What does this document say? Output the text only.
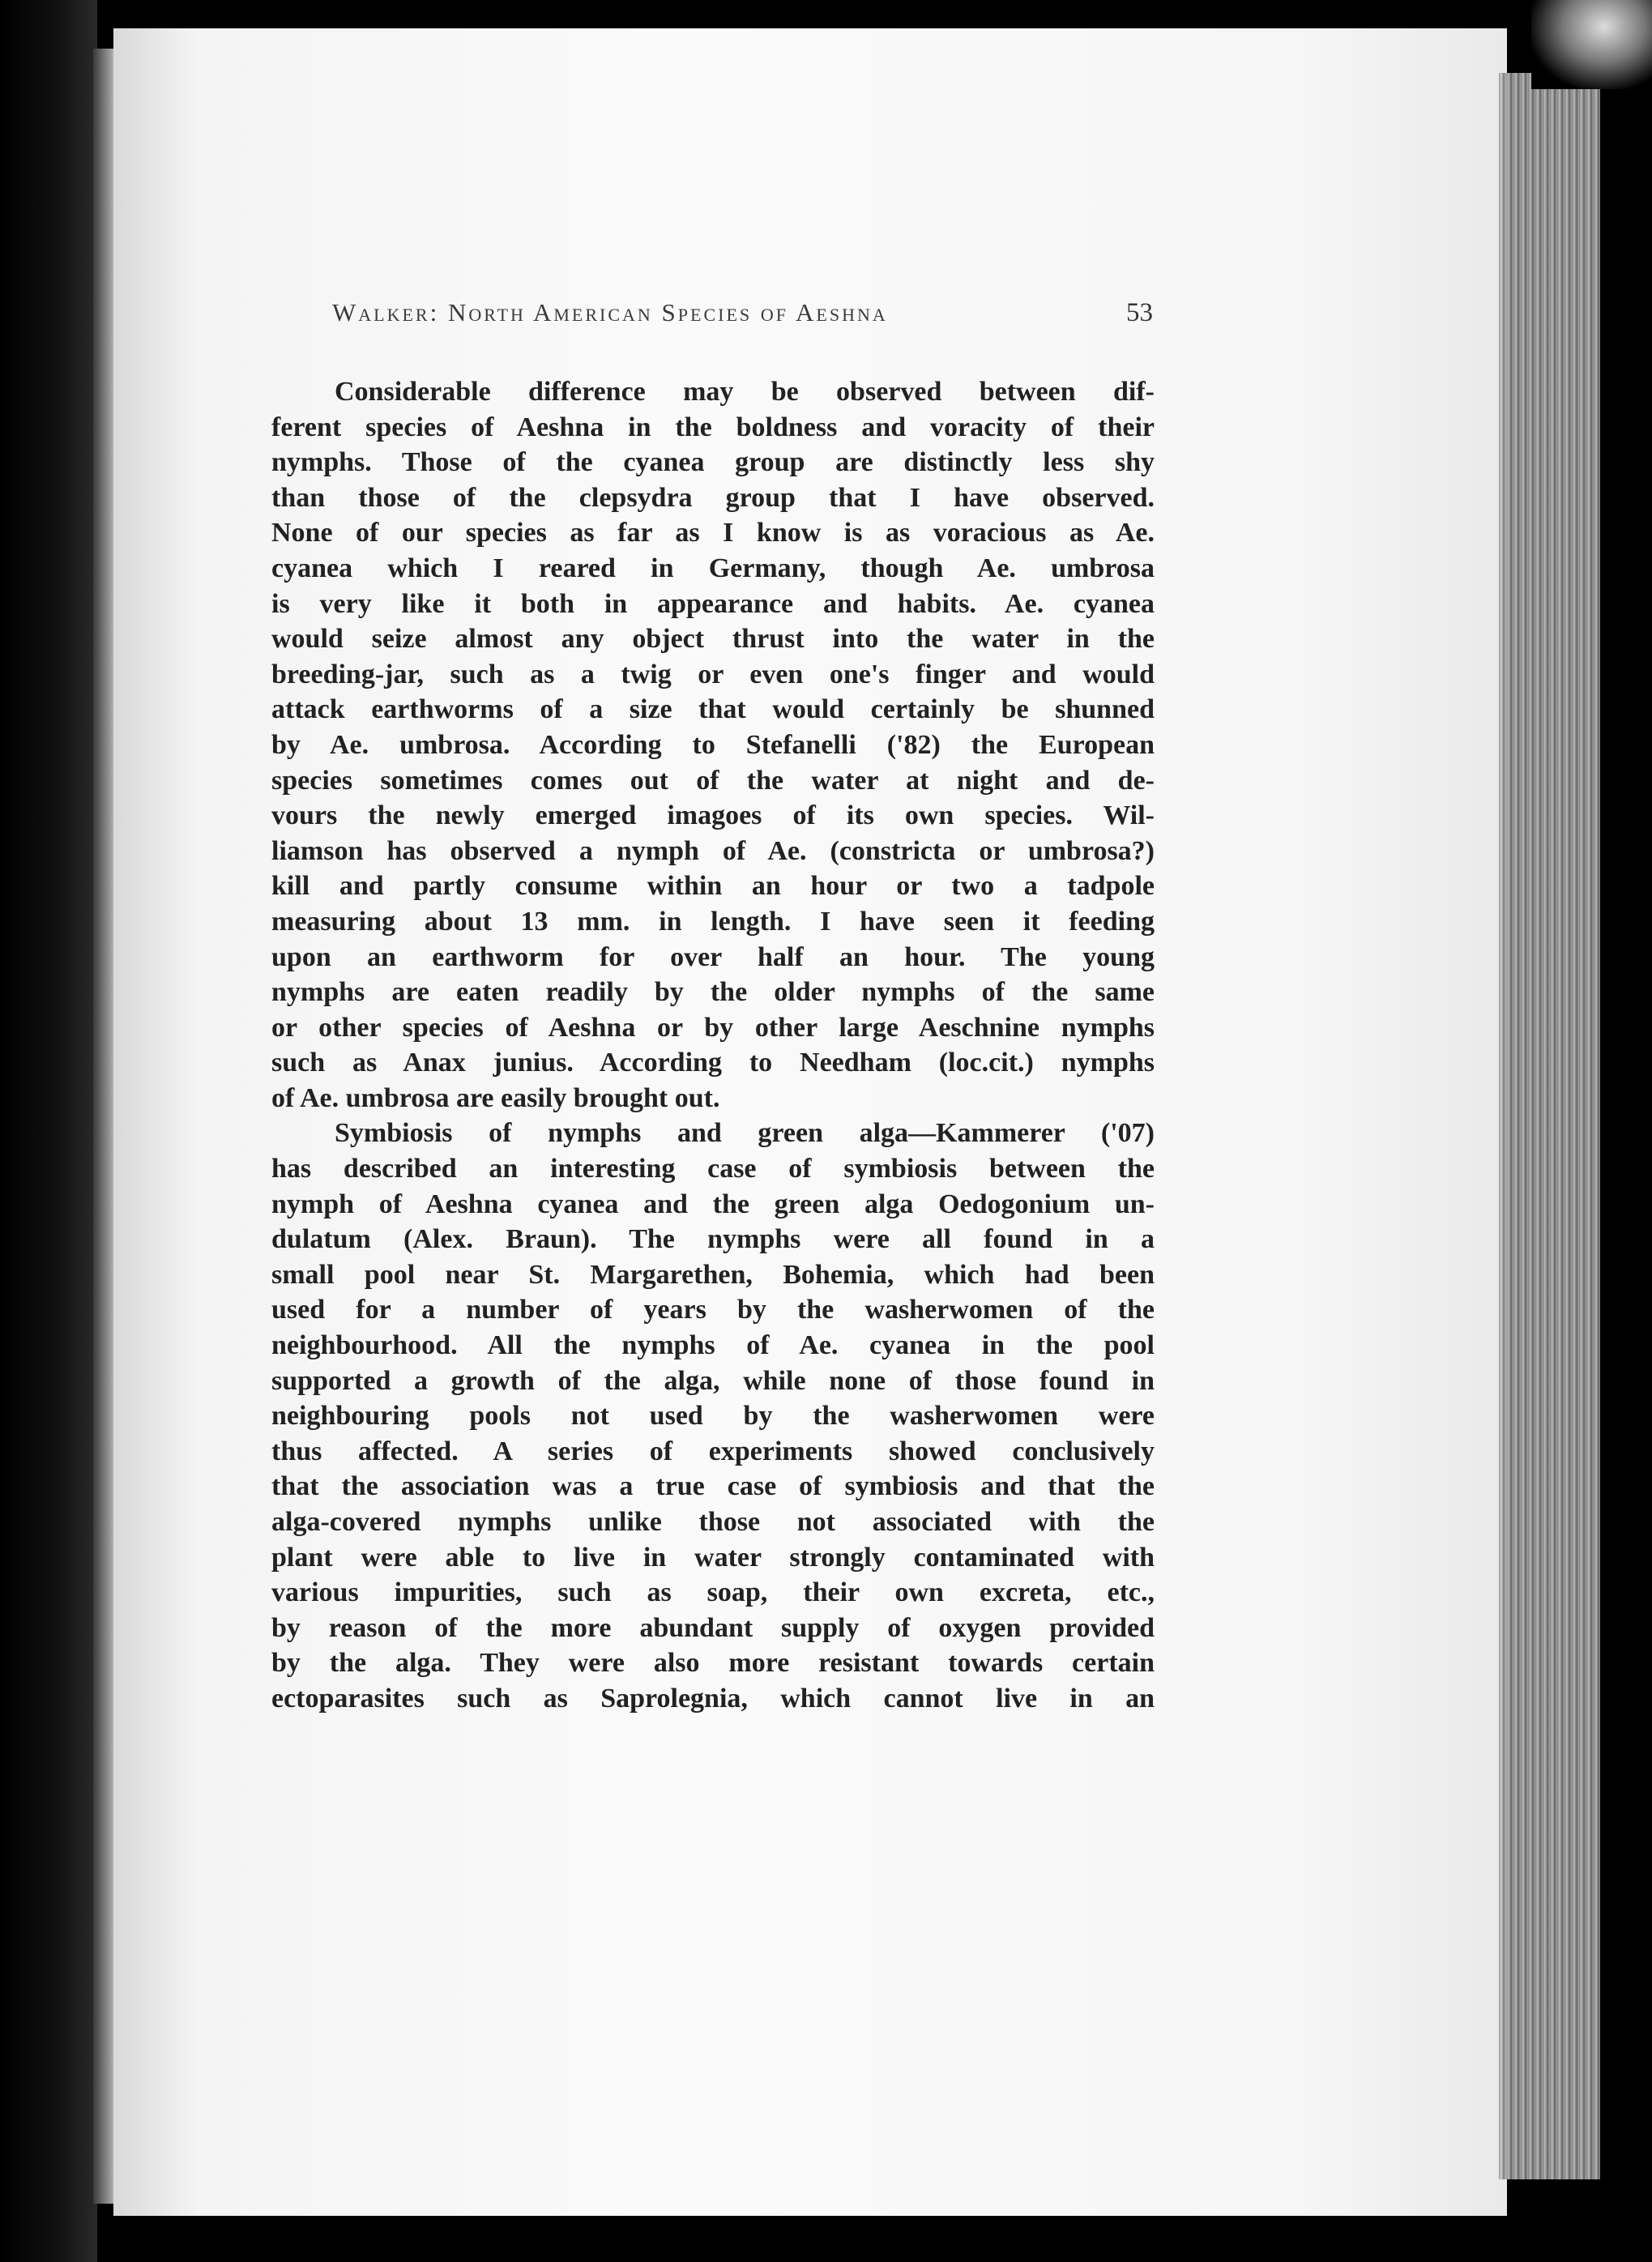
Walker: North American Species of Aeshna	53
Considerable difference may be observed between dif-
ferent species of Aeshna in the boldness and voracity of their
nymphs. Those of the cyanea group are distinctly less shy
than those of the clepsydra group that I have observed.
None of our species as far as I know is as voracious as Ae.
cyanea which I reared in Germany, though Ae. umbrosa
is very like it both in appearance and habits. Ae. cyanea
would seize almost any object thrust into the water in the
breeding-jar, such as a twig or even one's finger and would
attack earthworms of a size that would certainly be shunned
by Ae. umbrosa. According to Stefanelli ('82) the European
species sometimes comes out of the water at night and de-
vours the newly emerged imagoes of its own species. Wil-
liamson has observed a nymph of Ae. (constricta or umbrosa?)
kill and partly consume within an hour or two a tadpole
measuring about 13 mm. in length. I have seen it feeding
upon an earthworm for over half an hour. The young
nymphs are eaten readily by the older nymphs of the same
or other species of Aeshna or by other large Aeschnine nymphs
such as Anax junius. According to Needham (loc.cit.) nymphs
of Ae. umbrosa are easily brought out.
Symbiosis of nymphs and green alga—Kammerer ('07)
has described an interesting case of symbiosis between the
nymph of Aeshna cyanea and the green alga Oedogonium un-
dulatum (Alex. Braun). The nymphs were all found in a
small pool near St. Margarethen, Bohemia, which had been
used for a number of years by the washerwomen of the
neighbourhood. All the nymphs of Ae. cyanea in the pool
supported a growth of the alga, while none of those found in
neighbouring pools not used by the washerwomen were
thus affected. A series of experiments showed conclusively
that the association was a true case of symbiosis and that the
alga-covered nymphs unlike those not associated with the
plant were able to live in water strongly contaminated with
various impurities, such as soap, their own excreta, etc.,
by reason of the more abundant supply of oxygen provided
by the alga. They were also more resistant towards certain
ectoparasites such as Saprolegnia, which cannot live in an
